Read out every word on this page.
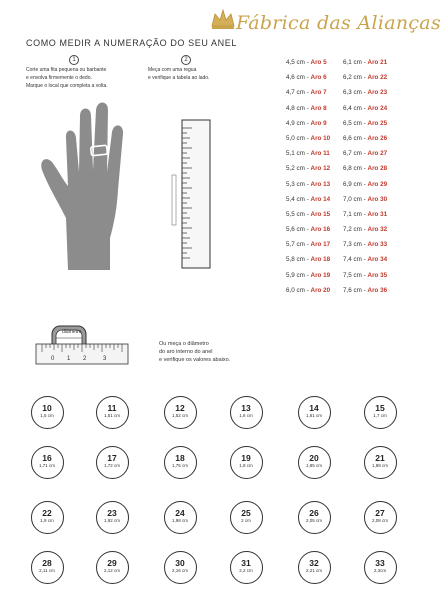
Fábrica das Alianças
COMO MEDIR A NUMERAÇÃO DO SEU ANEL
1
Corte uma fita pequena ou barbante
e envolva firmemente o dedo.
Marque o local que completa a volta.
2
Meça com uma regua
e verifique a tabela ao lado.
diâmetro
0 1 2	3
Ou meça o diâmetro
do aro interno do anel
e verifique os valores abaixo.
4,5 cm - Aro 5
4,6 cm - Aro 6
4,7 cm - Aro 7
4,8 cm - Aro 8
4,9 cm - Aro 9
5,0 cm - Aro 10
5,1 cm - Aro 11
5,2 cm - Aro 12
5,3 cm - Aro 13
5,4 cm - Aro 14
5,5 cm - Aro 15
5,6 cm - Aro 16
5,7 cm - Aro 17
5,8 cm - Aro 18
5,9 cm - Aro 19
6,0 cm - Aro 20
6,1 cm - Aro 21
6,2 cm - Aro 22
6,3 cm - Aro 23
6,4 cm - Aro 24
6,5 cm - Aro 25
6,6 cm - Aro 26
6,7 cm - Aro 27
6,8 cm - Aro 28
6,9 cm - Aro 29
7,0 cm - Aro 30
7,1 cm - Aro 31
7,2 cm - Aro 32
7,3 cm - Aro 33
7,4 cm - Aro 34
7,5 cm - Aro 35
7,6 cm - Aro 36
10
1,5 cm
11
1,51 cm
12
1,52 cm
13
1,6 cm
14
1,61 cm
15
1,7 cm
16
1,71 cm
17
1,72 cm
18
1,75 cm
19
1,8 cm
20
1,85 cm
21
1,88 cm
22
1,9 cm
23
1,92 cm
24
1,98 cm
25
2 cm
26
2,05 cm
27
2,08 cm
28
2,11 cm
29
2,12 cm
30
2,16 cm
31
2,2 cm
32
2,21 cm
33
2,3cm
